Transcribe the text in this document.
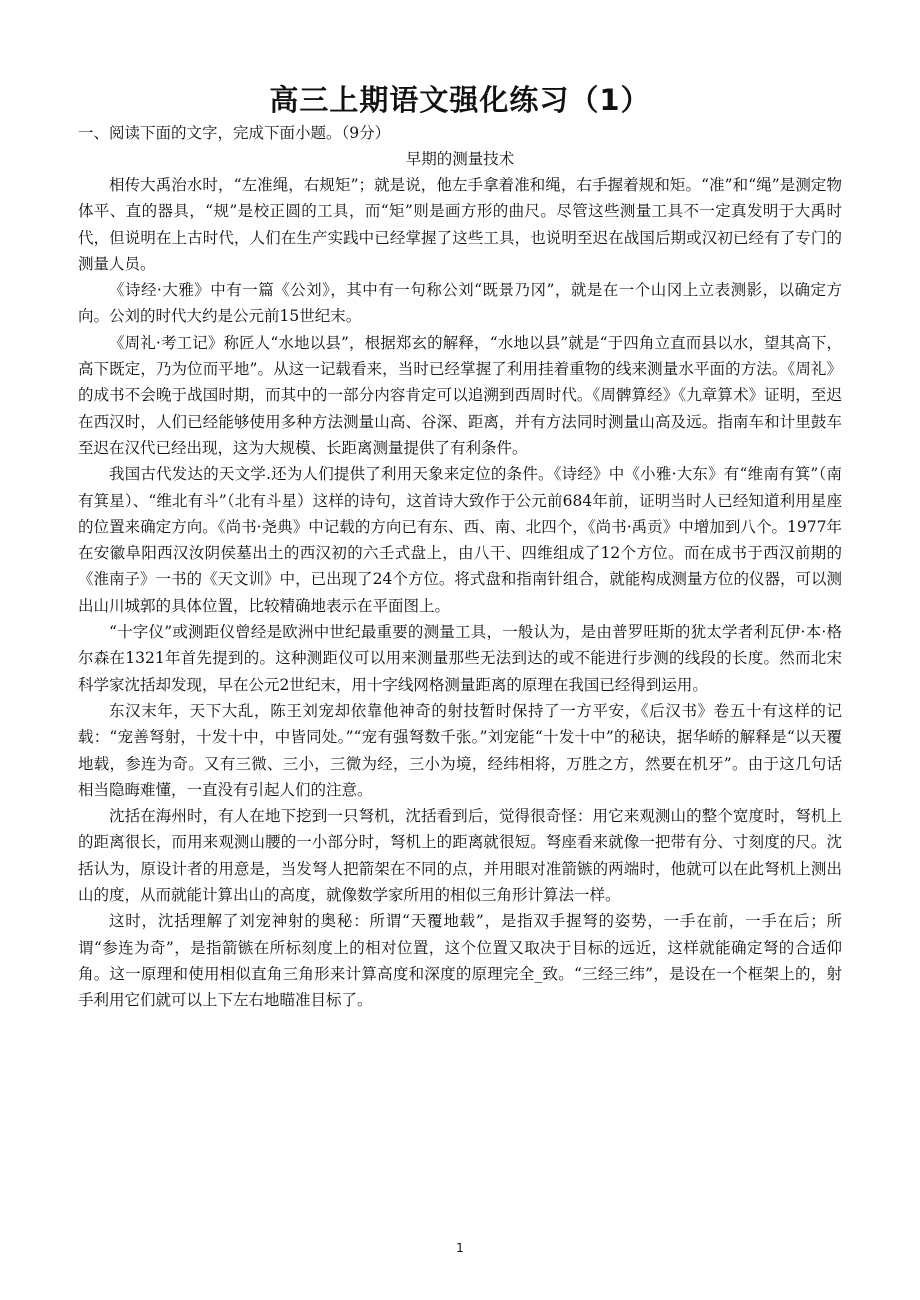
高三上期语文强化练习（1）
一、阅读下面的文字，完成下面小题。（9分）
早期的测量技术

相传大禹治水时，“左准绳，右规矩”；就是说，他左手拿着准和绳，右手握着规和矩。“准”和“绳”是测定物体平、直的器具，“规”是校正圆的工具，而“矩”则是画方形的曲尺。尽管这些测量工具不一定真发明于大禹时代，但说明在上古时代，人们在生产实践中已经掌握了这些工具，也说明至迟在战国后期或汉初已经有了专门的测量人员。

《诗经·大雅》中有一篇《公刘》，其中有一句称公刘“既景乃冈”，就是在一个山冈上立表测影，以确定方向。公刘的时代大约是公元前15世纪末。

《周礼·考工记》称匠人“水地以县”，根据郑玄的解释，“水地以县”就是“于四角立直而县以水，望其高下，高下既定，乃为位而平地”。从这一记载看来，当时已经掌握了利用挂着重物的线来测量水平面的方法。《周礼》的成书不会晚于战国时期，而其中的一部分内容肯定可以追溯到西周时代。《周髀算经》《九章算术》证明，至迟在西汉时，人们已经能够使用多种方法测量山高、谷深、距离，并有方法同时测量山高及远。指南车和计里鼓车至迟在汉代已经出现，这为大规模、长距离测量提供了有利条件。

我国古代发达的天文学.还为人们提供了利用天象来定位的条件。《诗经》中《小雅·大东》有“维南有箕”（南有箕星）、“维北有斗”（北有斗星）这样的诗句，这首诗大致作于公元前684年前，证明当时人已经知道利用星座的位置来确定方向。《尚书·尧典》中记载的方向已有东、西、南、北四个，《尚书·禹贡》中增加到八个。1977年在安徽阜阳西汉汝阴侯墓出土的西汉初的六壬式盘上，由八干、四维组成了12个方位。而在成书于西汉前期的《淮南子》一书的《天文训》中，已出现了24个方位。将式盘和指南针组合，就能构成测量方位的仪器，可以测出山川城郭的具体位置，比较精确地表示在平面图上。

“十字仪”或测距仪曾经是欧洲中世纪最重要的测量工具，一般认为，是由普罗旺斯的犹太学者利瓦伊·本·格尔森在1321年首先提到的。这种测距仪可以用来测量那些无法到达的或不能进行步测的线段的长度。然而北宋科学家沈括却发现，早在公元2世纪末，用十字线网格测量距离的原理在我国已经得到运用。

东汉末年，天下大乱，陈王刘宠却依靠他神奇的射技暂时保持了一方平安，《后汉书》卷五十有这样的记载：“宠善弩射，十发十中，中皆同处。”“宠有强弩数千张。”刘宠能“十发十中”的秘诀，据华峤的解释是“以天覆地载，参连为奇。又有三微、三小，三微为经，三小为境，经纬相将，万胜之方，然要在机牙”。由于这几句话相当隐晦难懂，一直没有引起人们的注意。

沈括在海州时，有人在地下挖到一只弩机，沈括看到后，觉得很奇怪：用它来观测山的整个宽度时，弩机上的距离很长，而用来观测山腰的一小部分时，弩机上的距离就很短。弩座看来就像一把带有分、寸刻度的尺。沈括认为，原设计者的用意是，当发弩人把箭架在不同的点，并用眼对准箭镞的两端时，他就可以在此弩机上测出山的度，从而就能计算出山的高度，就像数学家所用的相似三角形计算法一样。

这时，沈括理解了刘宠神射的奥秘：所谓“天覆地载”，是指双手握弩的姿势，一手在前，一手在后；所谓“参连为奇”，是指箭镞在所标刻度上的相对位置，这个位置又取决于目标的远近，这样就能确定弩的合适仰角。这一原理和使用相似直角三角形来计算高度和深度的原理完全_致。“三经三纬”，是设在一个框架上的，射手利用它们就可以上下左右地瞄准目标了。

1
